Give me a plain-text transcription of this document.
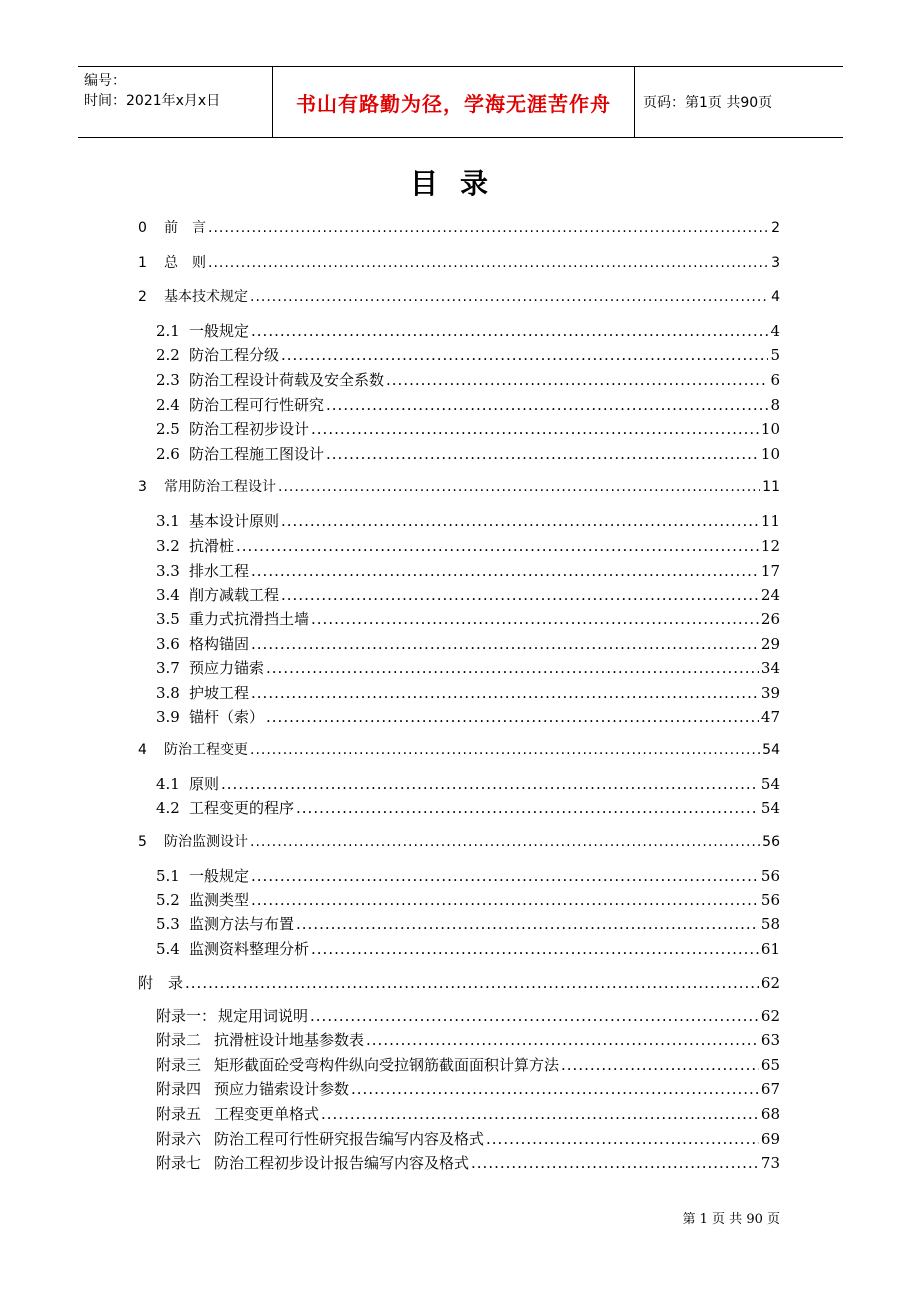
编号：
时间：2021年x月x日	书山有路勤为径，学海无涯苦作舟	页码：第1页 共90页
目录
0	前　言 .....	2
1	总　则 .....	3
2	基本技术规定 .....	4
2.1 一般规定 .....	4
2.2 防治工程分级 .....	5
2.3 防治工程设计荷载及安全系数 .....	6
2.4 防治工程可行性研究 .....	8
2.5 防治工程初步设计 .....	10
2.6 防治工程施工图设计 .....	10
3	常用防治工程设计 .....	11
3.1 基本设计原则 .....	11
3.2 抗滑桩 .....	12
3.3 排水工程 .....	17
3.4 削方减载工程 .....	24
3.5 重力式抗滑挡土墙 .....	26
3.6 格构锚固 .....	29
3.7 预应力锚索 .....	34
3.8 护坡工程 .....	39
3.9 锚杆（索） .....	47
4	防治工程变更 .....	54
4.1 原则 .....	54
4.2 工程变更的程序 .....	54
5	防治监测设计 .....	56
5.1 一般规定 .....	56
5.2 监测类型 .....	56
5.3 监测方法与布置 .....	58
5.4 监测资料整理分析 .....	61
附　录 .....	62
附录一： 规定用词说明 .....	62
附录二 抗滑桩设计地基参数表 .....	63
附录三 矩形截面砼受弯构件纵向受拉钢筋截面面积计算方法 .....	65
附录四 预应力锚索设计参数 .....	67
附录五 工程变更单格式 .....	68
附录六 防治工程可行性研究报告编写内容及格式 .....	69
附录七 防治工程初步设计报告编写内容及格式 .....	73
第 1 页 共 90 页
